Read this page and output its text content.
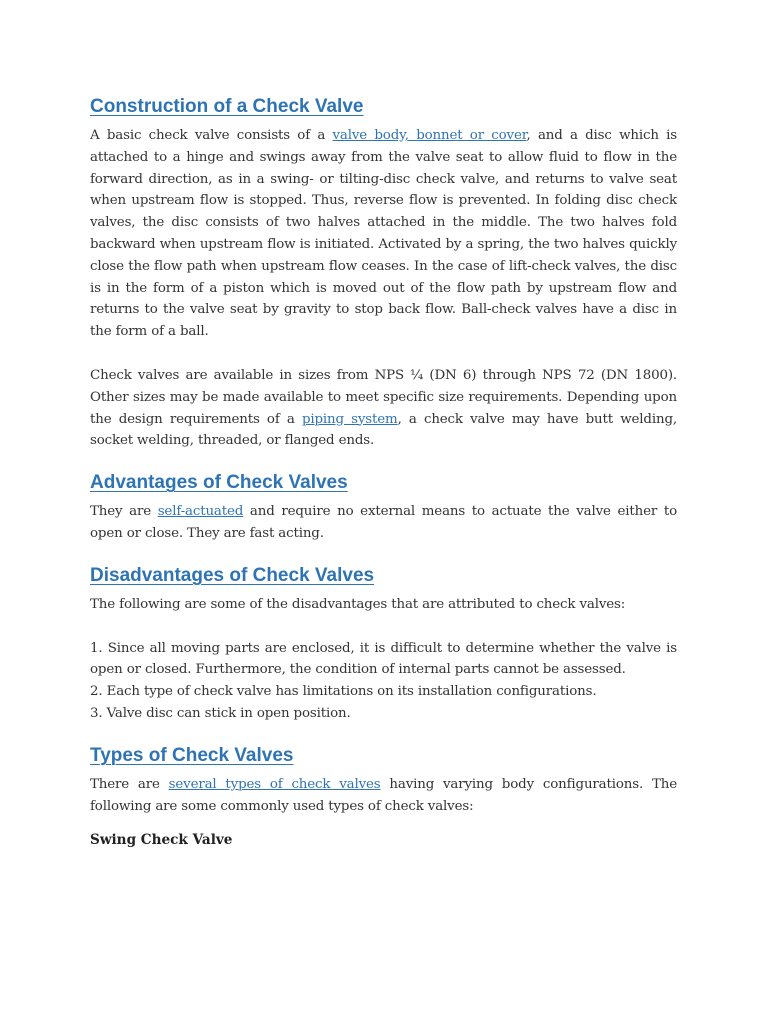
Construction of a Check Valve

A basic check valve consists of a valve body, bonnet or cover, and a disc which is attached to a hinge and swings away from the valve seat to allow fluid to flow in the forward direction, as in a swing- or tilting-disc check valve, and returns to valve seat when upstream flow is stopped. Thus, reverse flow is prevented. In folding disc check valves, the disc consists of two halves attached in the middle. The two halves fold backward when upstream flow is initiated. Activated by a spring, the two halves quickly close the flow path when upstream flow ceases. In the case of lift-check valves, the disc is in the form of a piston which is moved out of the flow path by upstream flow and returns to the valve seat by gravity to stop back flow. Ball-check valves have a disc in the form of a ball.

Check valves are available in sizes from NPS ¼ (DN 6) through NPS 72 (DN 1800). Other sizes may be made available to meet specific size requirements. Depending upon the design requirements of a piping system, a check valve may have butt welding, socket welding, threaded, or flanged ends.

Advantages of Check Valves

They are self-actuated and require no external means to actuate the valve either to open or close. They are fast acting.

Disadvantages of Check Valves

The following are some of the disadvantages that are attributed to check valves:

1. Since all moving parts are enclosed, it is difficult to determine whether the valve is open or closed. Furthermore, the condition of internal parts cannot be assessed.

2. Each type of check valve has limitations on its installation configurations.

3. Valve disc can stick in open position.

Types of Check Valves

There are several types of check valves having varying body configurations. The following are some commonly used types of check valves:

Swing Check Valve
